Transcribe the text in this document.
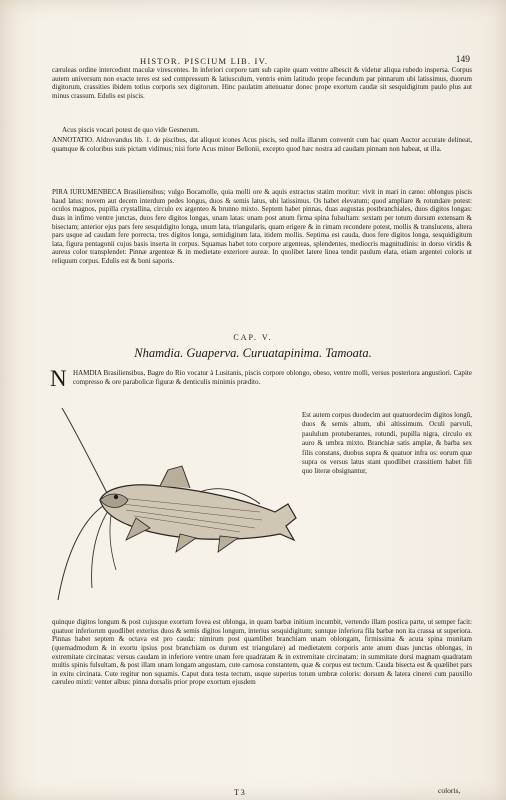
HISTOR. PISCIUM LIB. IV.	149
cæruleas ordine intercedunt maculæ virescentes. In inferiori corpore tam sub capite quam ventre albescit & videtur aliqua rubedo inspersa. Corpus autem universum non exacte teres est sed compressum & latiusculum, ventris enim latitudo prope fecundum par pinnarum ubi latissimus, duorum digitorum, crassities ibidem totius corporis sex digitorum. Hinc paulatim attenuatur donec prope exortum caudæ sit sesquidigitum paulo plus aut minus crassum. Edulis est piscis.
Acus piscis vocari potest de quo vide Gesnerum.
ANNOTATIO. Aldrovandus lib. 1. de piscibus, dat aliquot icones Acus piscis, sed nulla illarum convenit cum hac quam Auctor accurate delineat, quamque & coloribus suis pictam vidimus; nisi forte Acus minor Bellonii, excepto quod hæc nostra ad caudam pinnam non habeat, ut illa.
PIRA IURUMENBECA Brasiliensibus; vulgo Bocamolle, quia molli ore & aquis extractus statim moritur: vivit in mari in cæno: oblongus piscis haud latus: novem aut decem interdum pedes longus, duos & semis latus, ubi latissimus. Os habet elevatum; quod ampliare & rotundare potest: oculos magnos, pupilla crystallina, circulo ex argenteo & brunno mixto. Septem habet pinnas, duas augustas postbranchiales, duos digitos longas: duas in infimo ventre junctas, duos fere digitos longas, unam latas: unam post anum firma spina fulsultam: sextam per totum dorsum extensam & bisectam; anterior ejus pars fere sesquidigito longa, unum lata, triangularis, quam erigere & in rimam recondere potest, mollis & translucens, altera pars usque ad caudam fere porrecta, tres digitos longa, semidigitum lata, itidem mollis. Septima est cauda, duos fere digitos longa, sesquidigitum lata, figura pentagonii cujus basis inserta in corpus. Squamas habet toto corpore argenteas, splendentes, mediocris magnitudinis: in dorso viridis & aureus color transplendet: Pinnæ argenteæ & in medietate exteriore aureæ. In quolibet latere linea tendit paulum elata, etiam argentei coloris ut reliquum corpus. Edulis est & boni saporis.
CAP. V.
Nhamdia. Guaperva. Curuatapinima. Tamoata.
N HAMDIA Brasiliensibus, Bagre do Rio vocatur à Lusitanis, piscis corpore oblongo, obeso, ventre molli, versus posteriora angustiori. Capite compresso & ore parabolicæ figuræ & denticulis minimis prædito.
Est autem corpus duodecim aut quatuordecim digitos longū, duos & semis altum, ubi altissimum. Oculi parvuli, paululum protuberantes, rotundi, pupilla nigra, circulo ex auro & umbra mixto. Branchiæ satis amplæ, & barba sex filis constans, duobus supra & quatuor infra os: eorum quæ supra os versus latus stant quodlibet crassitiem habet fili quo literæ obsignantur,
quinque digitos longum & post cujusque exortum fovea est oblonga, in quam barbæ initium incumbit, vertendo illam postica parte, ut semper facit: quatuor inferiorum quodlibet exterius duos & semis digitos longum, interius sesquidigitum; suntque inferiora fila barbæ non ita crassa ut superiora. Pinnas habet septem & octava est pro cauda: nimirum post quamlibet branchiam unam oblongam, firmissima & acuta spina munitam (quemadmodum & in exortu ipsius post branchiam os durum est triangulare) ad medietatem corporis ante anum duas junctas oblongas, in extremitate circinatas: versus caudam in inferiore ventre unam fere quadratam & in extremitate circinatam: in summitate dorsi magnam quadratam multis spinis fulsultam, & post illam unam longam angustam, cute carnosa constantem, quæ & corpus est tectum. Cauda bisecta est & quælibet pars in exitu circinata. Cute regitur non squamis. Caput dura testa tectum, usque superius totum umbræ coloris: dorsum & latera cinerei cum pauxillo cæruleo mixti: venter albus: pinna dorsalis prior prope exortum ejusdem
T 3	coloris,
